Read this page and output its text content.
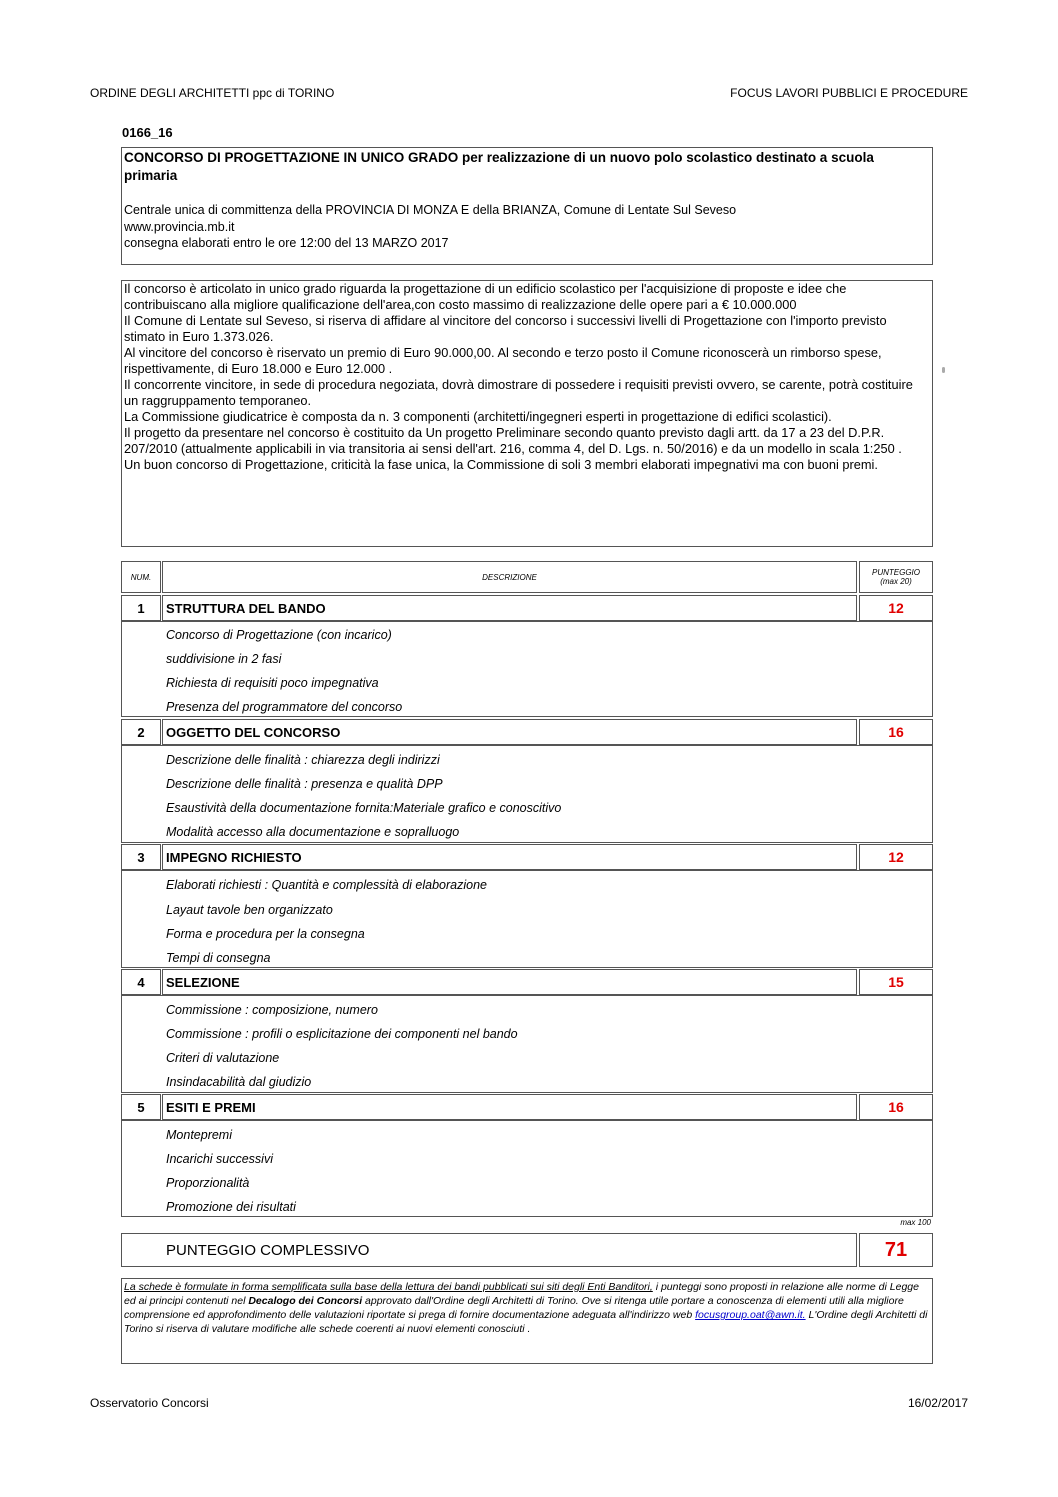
ORDINE DEGLI ARCHITETTI ppc di TORINO	FOCUS LAVORI PUBBLICI E PROCEDURE
0166_16
CONCORSO DI PROGETTAZIONE IN UNICO GRADO per realizzazione di un nuovo polo scolastico destinato a scuola primaria
Centrale unica di committenza della PROVINCIA DI MONZA E della BRIANZA, Comune di Lentate Sul Seveso
www.provincia.mb.it
consegna elaborati entro le ore 12:00 del 13 MARZO 2017
Il concorso è articolato in unico grado riguarda la progettazione di un edificio scolastico per l'acquisizione di proposte e idee che contribuiscano alla migliore qualificazione dell'area,con costo massimo di realizzazione delle opere pari a € 10.000.000
Il Comune di Lentate sul Seveso, si riserva di affidare al vincitore del concorso i successivi livelli di Progettazione con l'importo previsto stimato in Euro 1.373.026.
Al vincitore del concorso è riservato un premio di Euro 90.000,00. Al secondo e terzo posto il Comune riconoscerà un rimborso spese, rispettivamente, di Euro 18.000 e Euro 12.000 .
Il concorrente vincitore, in sede di procedura negoziata, dovrà dimostrare di possedere i requisiti previsti ovvero, se carente, potrà costituire un raggruppamento temporaneo.
La Commissione giudicatrice è composta da n. 3 componenti (architetti/ingegneri esperti in progettazione di edifici scolastici).
Il progetto da presentare nel concorso è costituito da Un progetto Preliminare secondo quanto previsto dagli artt. da 17 a 23 del D.P.R. 207/2010 (attualmente applicabili in via transitoria ai sensi dell'art. 216, comma 4, del D. Lgs. n. 50/2016) e da un modello in scala 1:250 .
Un buon concorso di Progettazione, criticità la fase unica, la Commissione di soli 3 membri elaborati impegnativi ma con buoni premi.
NUM.	DESCRIZIONE	PUNTEGGIO
(max 20)
1	STRUTTURA DEL BANDO	12
Concorso di Progettazione (con incarico)
suddivisione in 2 fasi
Richiesta di requisiti poco impegnativa
Presenza del programmatore del concorso
2	OGGETTO DEL CONCORSO	16
Descrizione delle finalità : chiarezza degli indirizzi
Descrizione delle finalità : presenza e qualità DPP
Esaustività della documentazione fornita:Materiale grafico e conoscitivo
Modalità accesso alla documentazione e sopralluogo
3	IMPEGNO RICHIESTO	12
Elaborati richiesti : Quantità e complessità di elaborazione
Layaut tavole ben organizzato
Forma e procedura per la consegna
Tempi di consegna
4	SELEZIONE	15
Commissione : composizione, numero
Commissione : profili o esplicitazione dei componenti nel bando
Criteri di valutazione
Insindacabilità dal giudizio
5	ESITI E PREMI	16
Montepremi
Incarichi successivi
Proporzionalità
Promozione dei risultati
max 100
PUNTEGGIO COMPLESSIVO	71
La schede è formulate in forma semplificata sulla base della lettura dei bandi pubblicati sui siti degli Enti Banditori, i punteggi sono proposti in relazione alle norme di Legge ed ai principi contenuti nel Decalogo dei Concorsi approvato dall'Ordine degli Architetti di Torino. Ove si ritenga utile portare a conoscenza di elementi utili alla migliore comprensione ed approfondimento delle valutazioni riportate si prega di fornire documentazione adeguata all'indirizzo web focusgroup.oat@awn.it. L'Ordine degli Architetti di Torino si riserva di valutare modifiche alle schede coerenti ai nuovi elementi conosciuti .
Osservatorio Concorsi	16/02/2017
